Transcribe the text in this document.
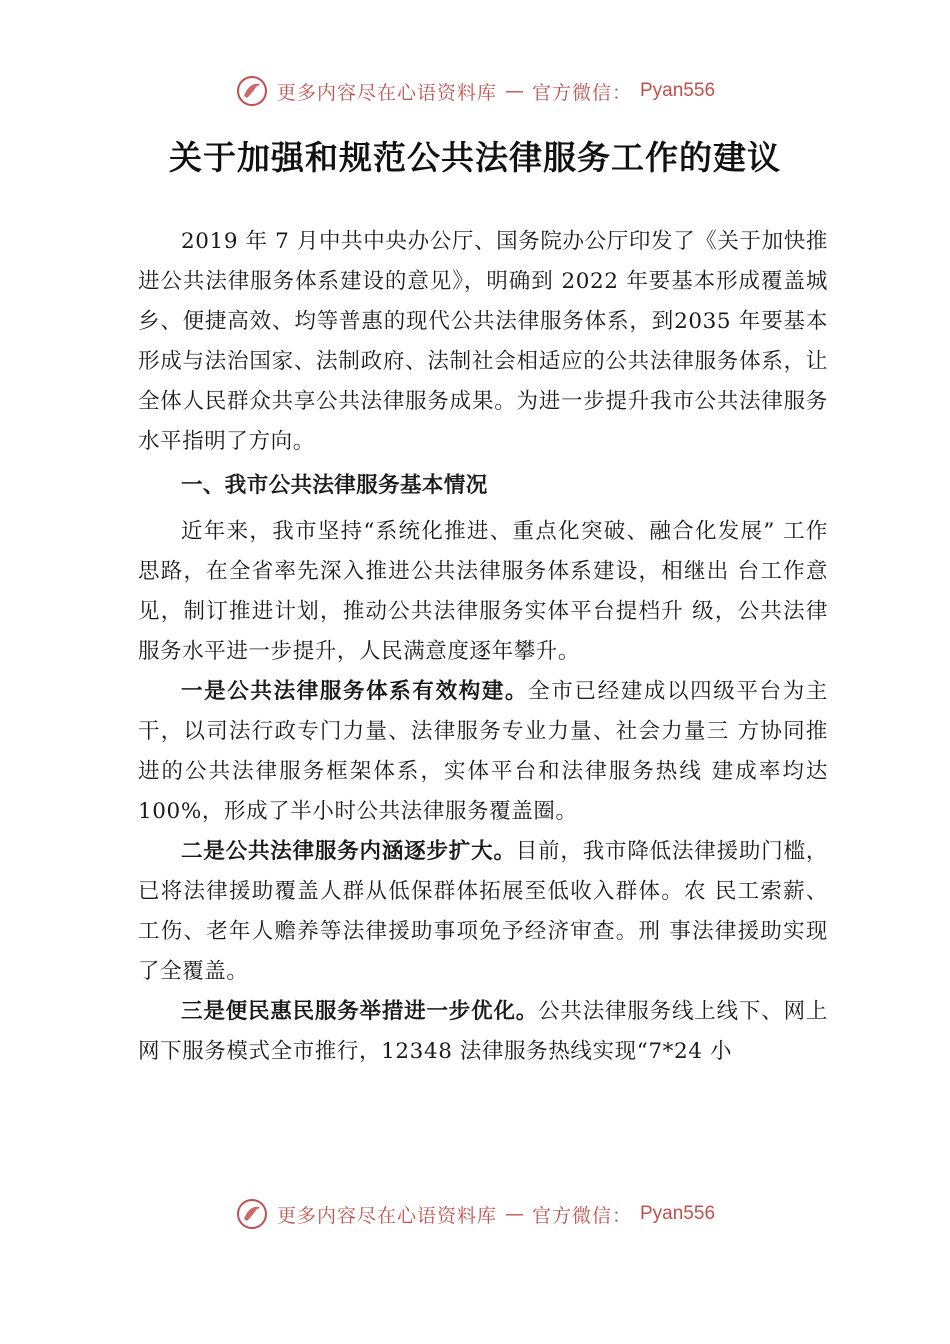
更多内容尽在心语资料库 — 官方微信： Pyan556
关于加强和规范公共法律服务工作的建议

2019 年 7 月中共中央办公厅、国务院办公厅印发了《关于加快推进公共法律服务体系建设的意见》，明确到 2022 年要基本形成覆盖城乡、便捷高效、均等普惠的现代公共法律服务体系，到2035 年要基本形成与法治国家、法制政府、法制社会相适应的公共法律服务体系，让全体人民群众共享公共法律服务成果。为进一步提升我市公共法律服务水平指明了方向。

一、我市公共法律服务基本情况

近年来，我市坚持“系统化推进、重点化突破、融合化发展” 工作思路，在全省率先深入推进公共法律服务体系建设，相继出 台工作意见，制订推进计划，推动公共法律服务实体平台提档升 级，公共法律服务水平进一步提升，人民满意度逐年攀升。

一是公共法律服务体系有效构建。全市已经建成以四级平台为主干，以司法行政专门力量、法律服务专业力量、社会力量三 方协同推进的公共法律服务框架体系，实体平台和法律服务热线 建成率均达 100%，形成了半小时公共法律服务覆盖圈。

二是公共法律服务内涵逐步扩大。目前，我市降低法律援助门槛，已将法律援助覆盖人群从低保群体拓展至低收入群体。农 民工索薪、工伤、老年人赡养等法律援助事项免予经济审查。刑 事法律援助实现了全覆盖。

三是便民惠民服务举措进一步优化。公共法律服务线上线下、网上网下服务模式全市推行，12348 法律服务热线实现“7*24 小

更多内容尽在心语资料库 — 官方微信： Pyan556
